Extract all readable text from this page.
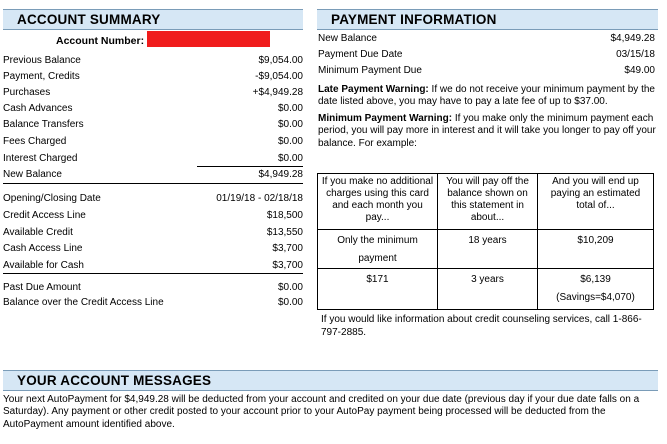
ACCOUNT SUMMARY
Account Number:
Previous Balance	$9,054.00
Payment, Credits	-$9,054.00
Purchases	+$4,949.28
Cash Advances	$0.00
Balance Transfers	$0.00
Fees Charged	$0.00
Interest Charged	$0.00
New Balance	$4,949.28
Opening/Closing Date	01/19/18 - 02/18/18
Credit Access Line	$18,500
Available Credit	$13,550
Cash Access Line	$3,700
Available for Cash	$3,700
Past Due Amount	$0.00
Balance over the Credit Access Line	$0.00
PAYMENT INFORMATION
New Balance	$4,949.28
Payment Due Date	03/15/18
Minimum Payment Due	$49.00
Late Payment Warning: If we do not receive your minimum payment by the date listed above, you may have to pay a late fee of up to $37.00.
Minimum Payment Warning: If you make only the minimum payment each period, you will pay more in interest and it will take you longer to pay off your balance. For example:
If you make no additional charges using this card and each month you pay...	You will pay off the balance shown on this statement in about...	And you will end up paying an estimated total of...
Only the minimum payment	18 years	$10,209
$171	3 years	$6,139
(Savings=$4,070)
If you would like information about credit counseling services, call 1-866-797-2885.
YOUR ACCOUNT MESSAGES
Your next AutoPayment for $4,949.28 will be deducted from your account and credited on your due date (previous day if your due date falls on a Saturday). Any payment or other credit posted to your account prior to your AutoPay payment being processed will be deducted from the AutoPayment amount identified above.
